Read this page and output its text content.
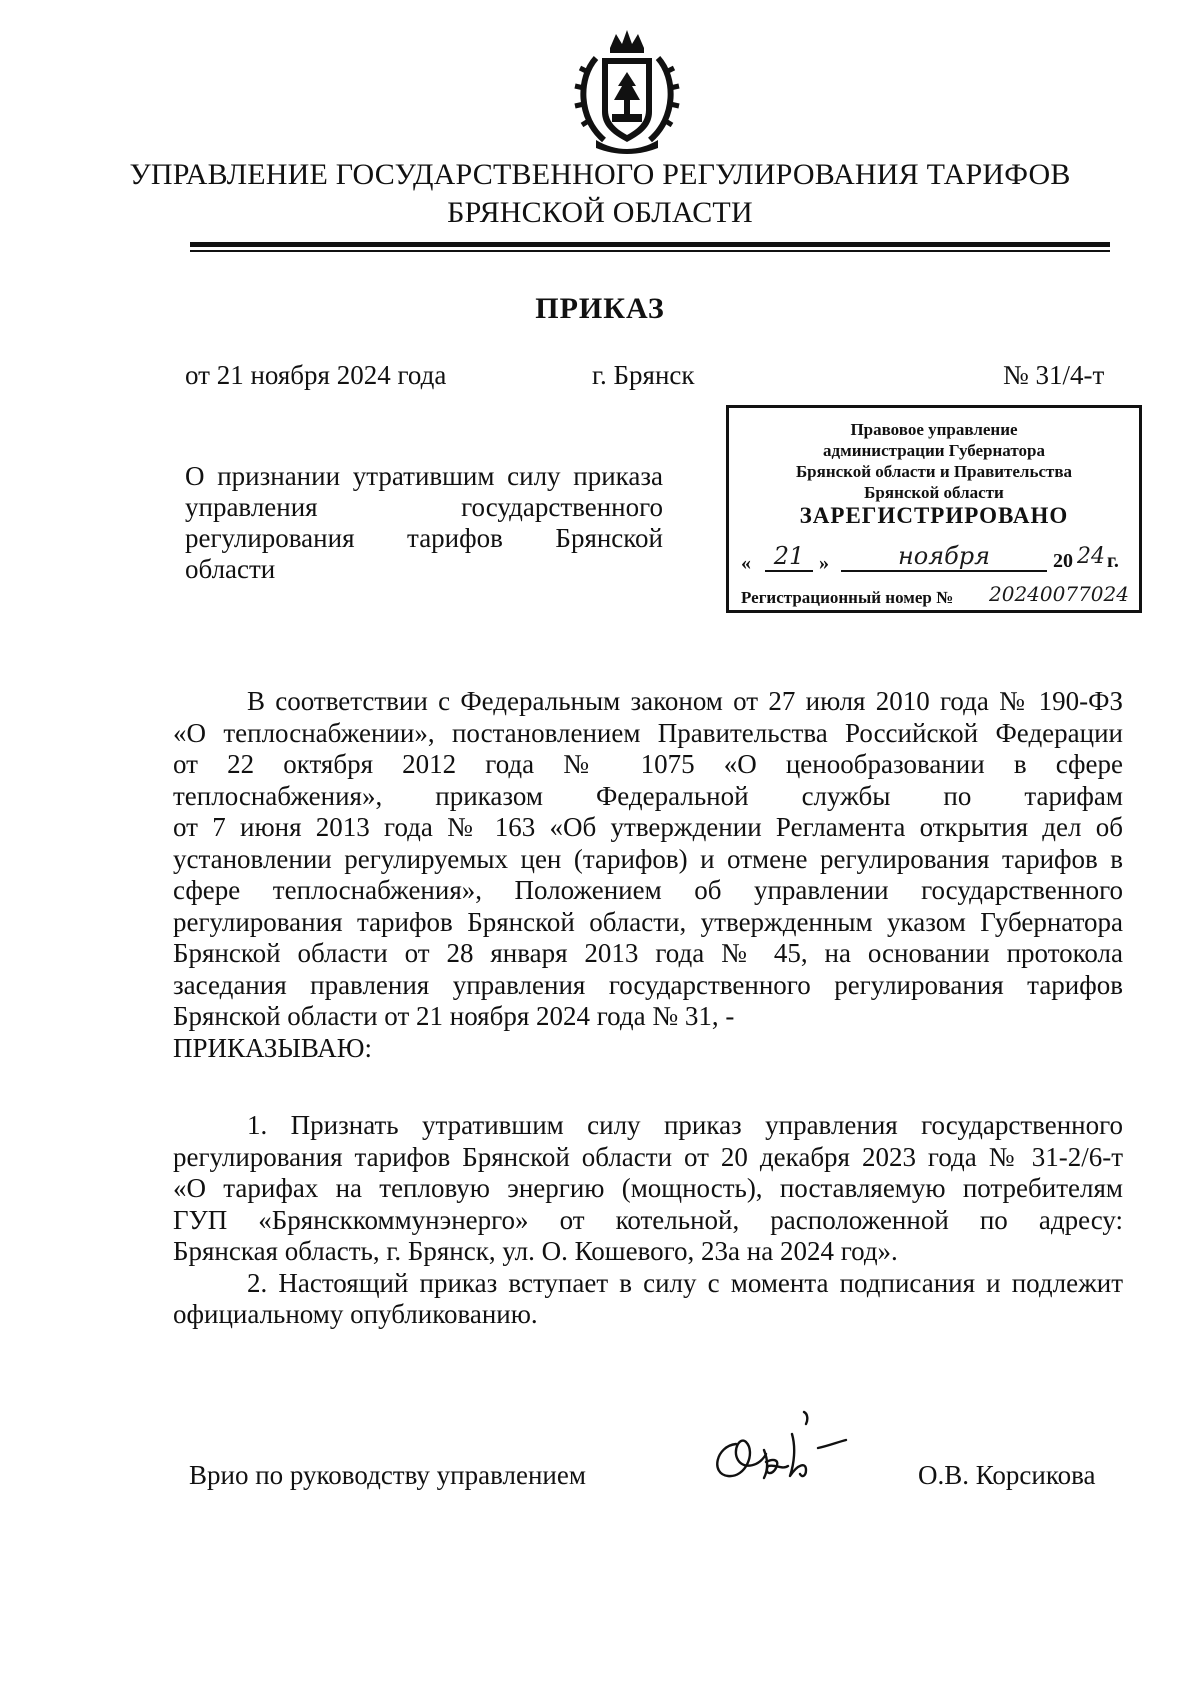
УПРАВЛЕНИЕ ГОСУДАРСТВЕННОГО РЕГУЛИРОВАНИЯ ТАРИФОВ
БРЯНСКОЙ ОБЛАСТИ
ПРИКАЗ
от 21 ноября 2024 года	г. Брянск	№ 31/4-т
О признании утратившим силу приказа
управления государственного
регулирования тарифов Брянской
области
Правовое управление
администрации Губернатора
Брянской области и Правительства
Брянской области
ЗАРЕГИСТРИРОВАНО
« 21 »	ноября	20 24 г.
Регистрационный номер № 20240077024
В соответствии с Федеральным законом от 27 июля 2010 года № 190-ФЗ
«О теплоснабжении», постановлением Правительства Российской Федерации
от 22 октября 2012 года № 1075 «О ценообразовании в сфере
теплоснабжения», приказом Федеральной службы по тарифам
от 7 июня 2013 года № 163 «Об утверждении Регламента открытия дел об
установлении регулируемых цен (тарифов) и отмене регулирования тарифов в
сфере теплоснабжения», Положением об управлении государственного
регулирования тарифов Брянской области, утвержденным указом Губернатора
Брянской области от 28 января 2013 года № 45, на основании протокола
заседания правления управления государственного регулирования тарифов
Брянской области от 21 ноября 2024 года № 31, -
ПРИКАЗЫВАЮ:
1. Признать утратившим силу приказ управления государственного
регулирования тарифов Брянской области от 20 декабря 2023 года № 31-2/6-т
«О тарифах на тепловую энергию (мощность), поставляемую потребителям
ГУП «Брянсккоммунэнерго» от котельной, расположенной по адресу:
Брянская область, г. Брянск, ул. О. Кошевого, 23а на 2024 год».
2. Настоящий приказ вступает в силу с момента подписания и подлежит
официальному опубликованию.
Врио по руководству управлением	О.В. Корсикова
